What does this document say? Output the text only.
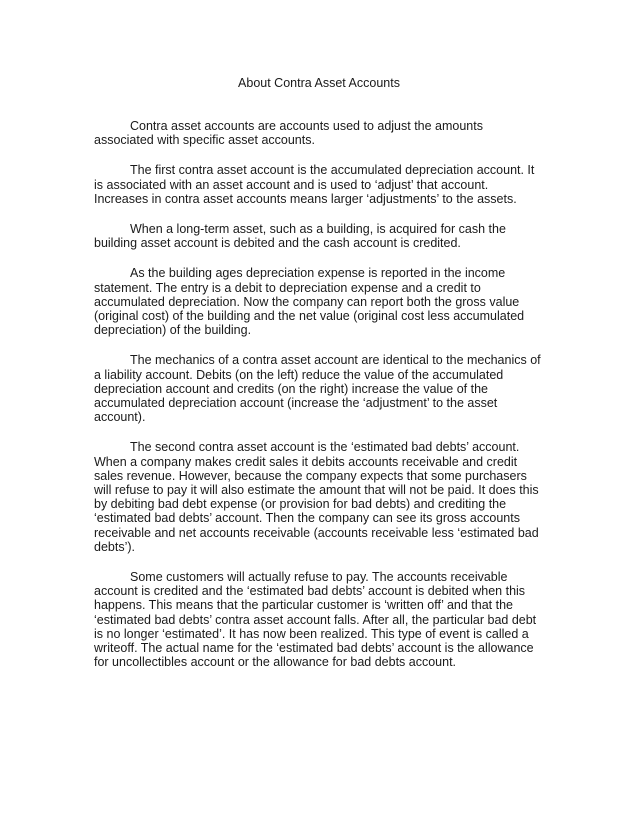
About Contra Asset Accounts

Contra asset accounts are accounts used to adjust the amounts
associated with specific asset accounts.

The first contra asset account is the accumulated depreciation account. It
is associated with an asset account and is used to ‘adjust’ that account.
Increases in contra asset accounts means larger ‘adjustments’ to the assets.

When a long-term asset, such as a building, is acquired for cash the
building asset account is debited and the cash account is credited.

As the building ages depreciation expense is reported in the income
statement. The entry is a debit to depreciation expense and a credit to
accumulated depreciation. Now the company can report both the gross value
(original cost) of the building and the net value (original cost less accumulated
depreciation) of the building.

The mechanics of a contra asset account are identical to the mechanics of
a liability account. Debits (on the left) reduce the value of the accumulated
depreciation account and credits (on the right) increase the value of the
accumulated depreciation account (increase the ‘adjustment’ to the asset
account).

The second contra asset account is the ‘estimated bad debts’ account.
When a company makes credit sales it debits accounts receivable and credit
sales revenue. However, because the company expects that some purchasers
will refuse to pay it will also estimate the amount that will not be paid. It does this
by debiting bad debt expense (or provision for bad debts) and crediting the
‘estimated bad debts’ account. Then the company can see its gross accounts
receivable and net accounts receivable (accounts receivable less ‘estimated bad
debts’).

Some customers will actually refuse to pay. The accounts receivable
account is credited and the ‘estimated bad debts’ account is debited when this
happens. This means that the particular customer is ‘written off’ and that the
‘estimated bad debts’ contra asset account falls. After all, the particular bad debt
is no longer ‘estimated’. It has now been realized. This type of event is called a
writeoff. The actual name for the ‘estimated bad debts’ account is the allowance
for uncollectibles account or the allowance for bad debts account.
